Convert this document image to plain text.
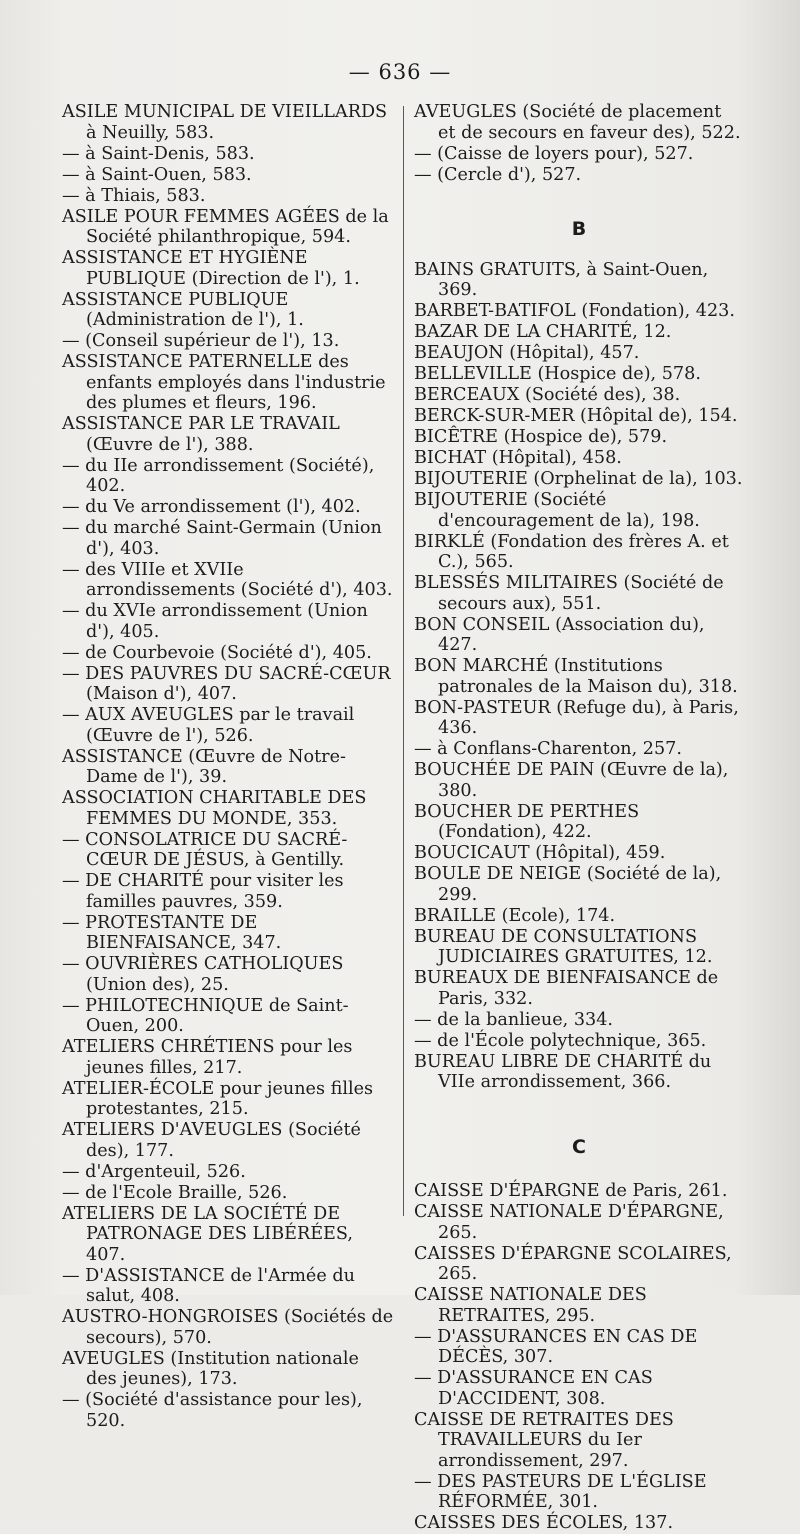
— 636 —
ASILE MUNICIPAL DE VIEILLARDS à Neuilly, 583.
— à Saint-Denis, 583.
— à Saint-Ouen, 583.
— à Thiais, 583.
ASILE POUR FEMMES AGÉES de la Société philanthropique, 594.
ASSISTANCE ET HYGIÈNE PUBLIQUE (Direction de l'), 1.
ASSISTANCE PUBLIQUE (Administration de l'), 1.
— (Conseil supérieur de l'), 13.
ASSISTANCE PATERNELLE des enfants employés dans l'industrie des plumes et fleurs, 196.
ASSISTANCE PAR LE TRAVAIL (Œuvre de l'), 388.
— du IIe arrondissement (Société), 402.
— du Ve arrondissement (l'), 402.
— du marché Saint-Germain (Union d'), 403.
— des VIIIe et XVIIe arrondissements (Société d'), 403.
— du XVIe arrondissement (Union d'), 405.
— de Courbevoie (Société d'), 405.
— DES PAUVRES DU SACRÉ-CŒUR (Maison d'), 407.
— AUX AVEUGLES par le travail (Œuvre de l'), 526.
ASSISTANCE (Œuvre de Notre-Dame de l'), 39.
ASSOCIATION CHARITABLE DES FEMMES DU MONDE, 353.
— CONSOLATRICE DU SACRÉ-CŒUR DE JÉSUS, à Gentilly.
— DE CHARITÉ pour visiter les familles pauvres, 359.
— PROTESTANTE DE BIENFAISANCE, 347.
— OUVRIÈRES CATHOLIQUES (Union des), 25.
— PHILOTECHNIQUE de Saint-Ouen, 200.
ATELIERS CHRÉTIENS pour les jeunes filles, 217.
ATELIER-ÉCOLE pour jeunes filles protestantes, 215.
ATELIERS D'AVEUGLES (Société des), 177.
— d'Argenteuil, 526.
— de l'Ecole Braille, 526.
ATELIERS DE LA SOCIÉTÉ DE PATRONAGE DES LIBÉRÉES, 407.
— D'ASSISTANCE de l'Armée du salut, 408.
AUSTRO-HONGROISES (Sociétés de secours), 570.
AVEUGLES (Institution nationale des jeunes), 173.
— (Société d'assistance pour les), 520.
AVEUGLES (Société de placement et de secours en faveur des), 522.
— (Caisse de loyers pour), 527.
— (Cercle d'), 527.
B
BAINS GRATUITS, à Saint-Ouen, 369.
BARBET-BATIFOL (Fondation), 423.
BAZAR DE LA CHARITÉ, 12.
BEAUJON (Hôpital), 457.
BELLEVILLE (Hospice de), 578.
BERCEAUX (Société des), 38.
BERCK-SUR-MER (Hôpital de), 154.
BICÊTRE (Hospice de), 579.
BICHAT (Hôpital), 458.
BIJOUTERIE (Orphelinat de la), 103.
BIJOUTERIE (Société d'encouragement de la), 198.
BIRKLÉ (Fondation des frères A. et C.), 565.
BLESSÉS MILITAIRES (Société de secours aux), 551.
BON CONSEIL (Association du), 427.
BON MARCHÉ (Institutions patronales de la Maison du), 318.
BON-PASTEUR (Refuge du), à Paris, 436.
— à Conflans-Charenton, 257.
BOUCHÉE DE PAIN (Œuvre de la), 380.
BOUCHER DE PERTHES (Fondation), 422.
BOUCICAUT (Hôpital), 459.
BOULE DE NEIGE (Société de la), 299.
BRAILLE (Ecole), 174.
BUREAU DE CONSULTATIONS JUDICIAIRES GRATUITES, 12.
BUREAUX DE BIENFAISANCE de Paris, 332.
— de la banlieue, 334.
— de l'École polytechnique, 365.
BUREAU LIBRE DE CHARITÉ du VIIe arrondissement, 366.
C
CAISSE D'ÉPARGNE de Paris, 261.
CAISSE NATIONALE D'ÉPARGNE, 265.
CAISSES D'ÉPARGNE SCOLAIRES, 265.
CAISSE NATIONALE DES RETRAITES, 295.
— D'ASSURANCES EN CAS DE DÉCÈS, 307.
— D'ASSURANCE EN CAS D'ACCIDENT, 308.
CAISSE DE RETRAITES DES TRAVAILLEURS du Ier arrondissement, 297.
— DES PASTEURS DE L'ÉGLISE RÉFORMÉE, 301.
CAISSES DES ÉCOLES, 137.
